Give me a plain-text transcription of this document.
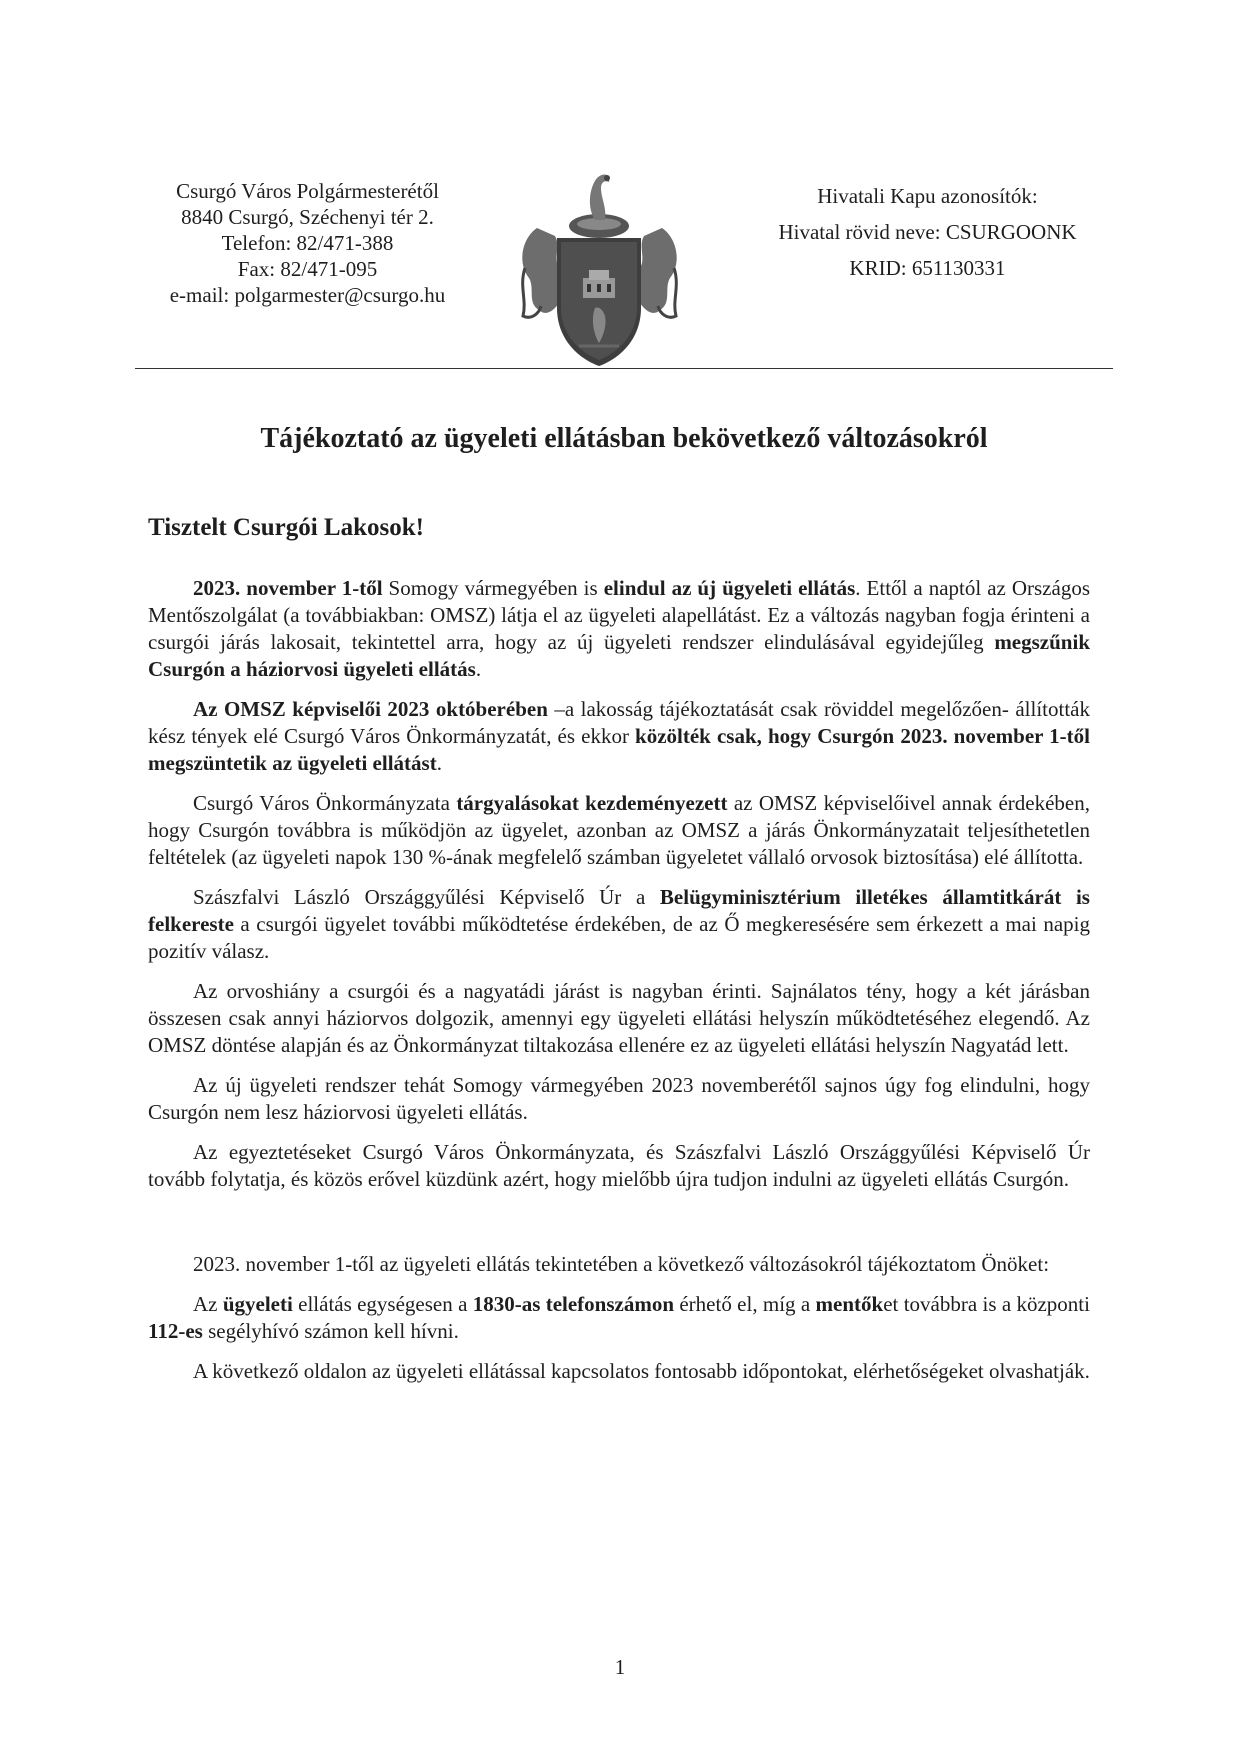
Csurgó Város Polgármesterétől
8840 Csurgó, Széchenyi tér 2.
Telefon: 82/471-388
Fax: 82/471-095
e-mail: polgarmester@csurgo.hu
Hivatali Kapu azonosítók:
Hivatal rövid neve: CSURGOONK
KRID: 651130331
Tájékoztató az ügyeleti ellátásban bekövetkező változásokról
Tisztelt Csurgói Lakosok!

2023. november 1-től Somogy vármegyében is elindul az új ügyeleti ellátás. Ettől a naptól az Országos Mentőszolgálat (a továbbiakban: OMSZ) látja el az ügyeleti alapellátást. Ez a változás nagyban fogja érinteni a csurgói járás lakosait, tekintettel arra, hogy az új ügyeleti rendszer elindulásával egyidejűleg megszűnik Csurgón a háziorvosi ügyeleti ellátás.

Az OMSZ képviselői 2023 októberében –a lakosság tájékoztatását csak röviddel megelőzően- állították kész tények elé Csurgó Város Önkormányzatát, és ekkor közölték csak, hogy Csurgón 2023. november 1-től megszüntetik az ügyeleti ellátást.

Csurgó Város Önkormányzata tárgyalásokat kezdeményezett az OMSZ képviselőivel annak érdekében, hogy Csurgón továbbra is működjön az ügyelet, azonban az OMSZ a járás Önkormányzatait teljesíthetetlen feltételek (az ügyeleti napok 130 %-ának megfelelő számban ügyeletet vállaló orvosok biztosítása) elé állította.

Szászfalvi László Országgyűlési Képviselő Úr a Belügyminisztérium illetékes államtitkárát is felkereste a csurgói ügyelet további működtetése érdekében, de az Ő megkeresésére sem érkezett a mai napig pozitív válasz.

Az orvoshiány a csurgói és a nagyatádi járást is nagyban érinti. Sajnálatos tény, hogy a két járásban összesen csak annyi háziorvos dolgozik, amennyi egy ügyeleti ellátási helyszín működtetéséhez elegendő. Az OMSZ döntése alapján és az Önkormányzat tiltakozása ellenére ez az ügyeleti ellátási helyszín Nagyatád lett.

Az új ügyeleti rendszer tehát Somogy vármegyében 2023 novemberétől sajnos úgy fog elindulni, hogy Csurgón nem lesz háziorvosi ügyeleti ellátás.

Az egyeztetéseket Csurgó Város Önkormányzata, és Szászfalvi László Országgyűlési Képviselő Úr tovább folytatja, és közös erővel küzdünk azért, hogy mielőbb újra tudjon indulni az ügyeleti ellátás Csurgón.

2023. november 1-től az ügyeleti ellátás tekintetében a következő változásokról tájékoztatom Önöket:

Az ügyeleti ellátás egységesen a 1830-as telefonszámon érhető el, míg a mentőket továbbra is a központi 112-es segélyhívó számon kell hívni.

A következő oldalon az ügyeleti ellátással kapcsolatos fontosabb időpontokat, elérhetőségeket olvashatják.

1
